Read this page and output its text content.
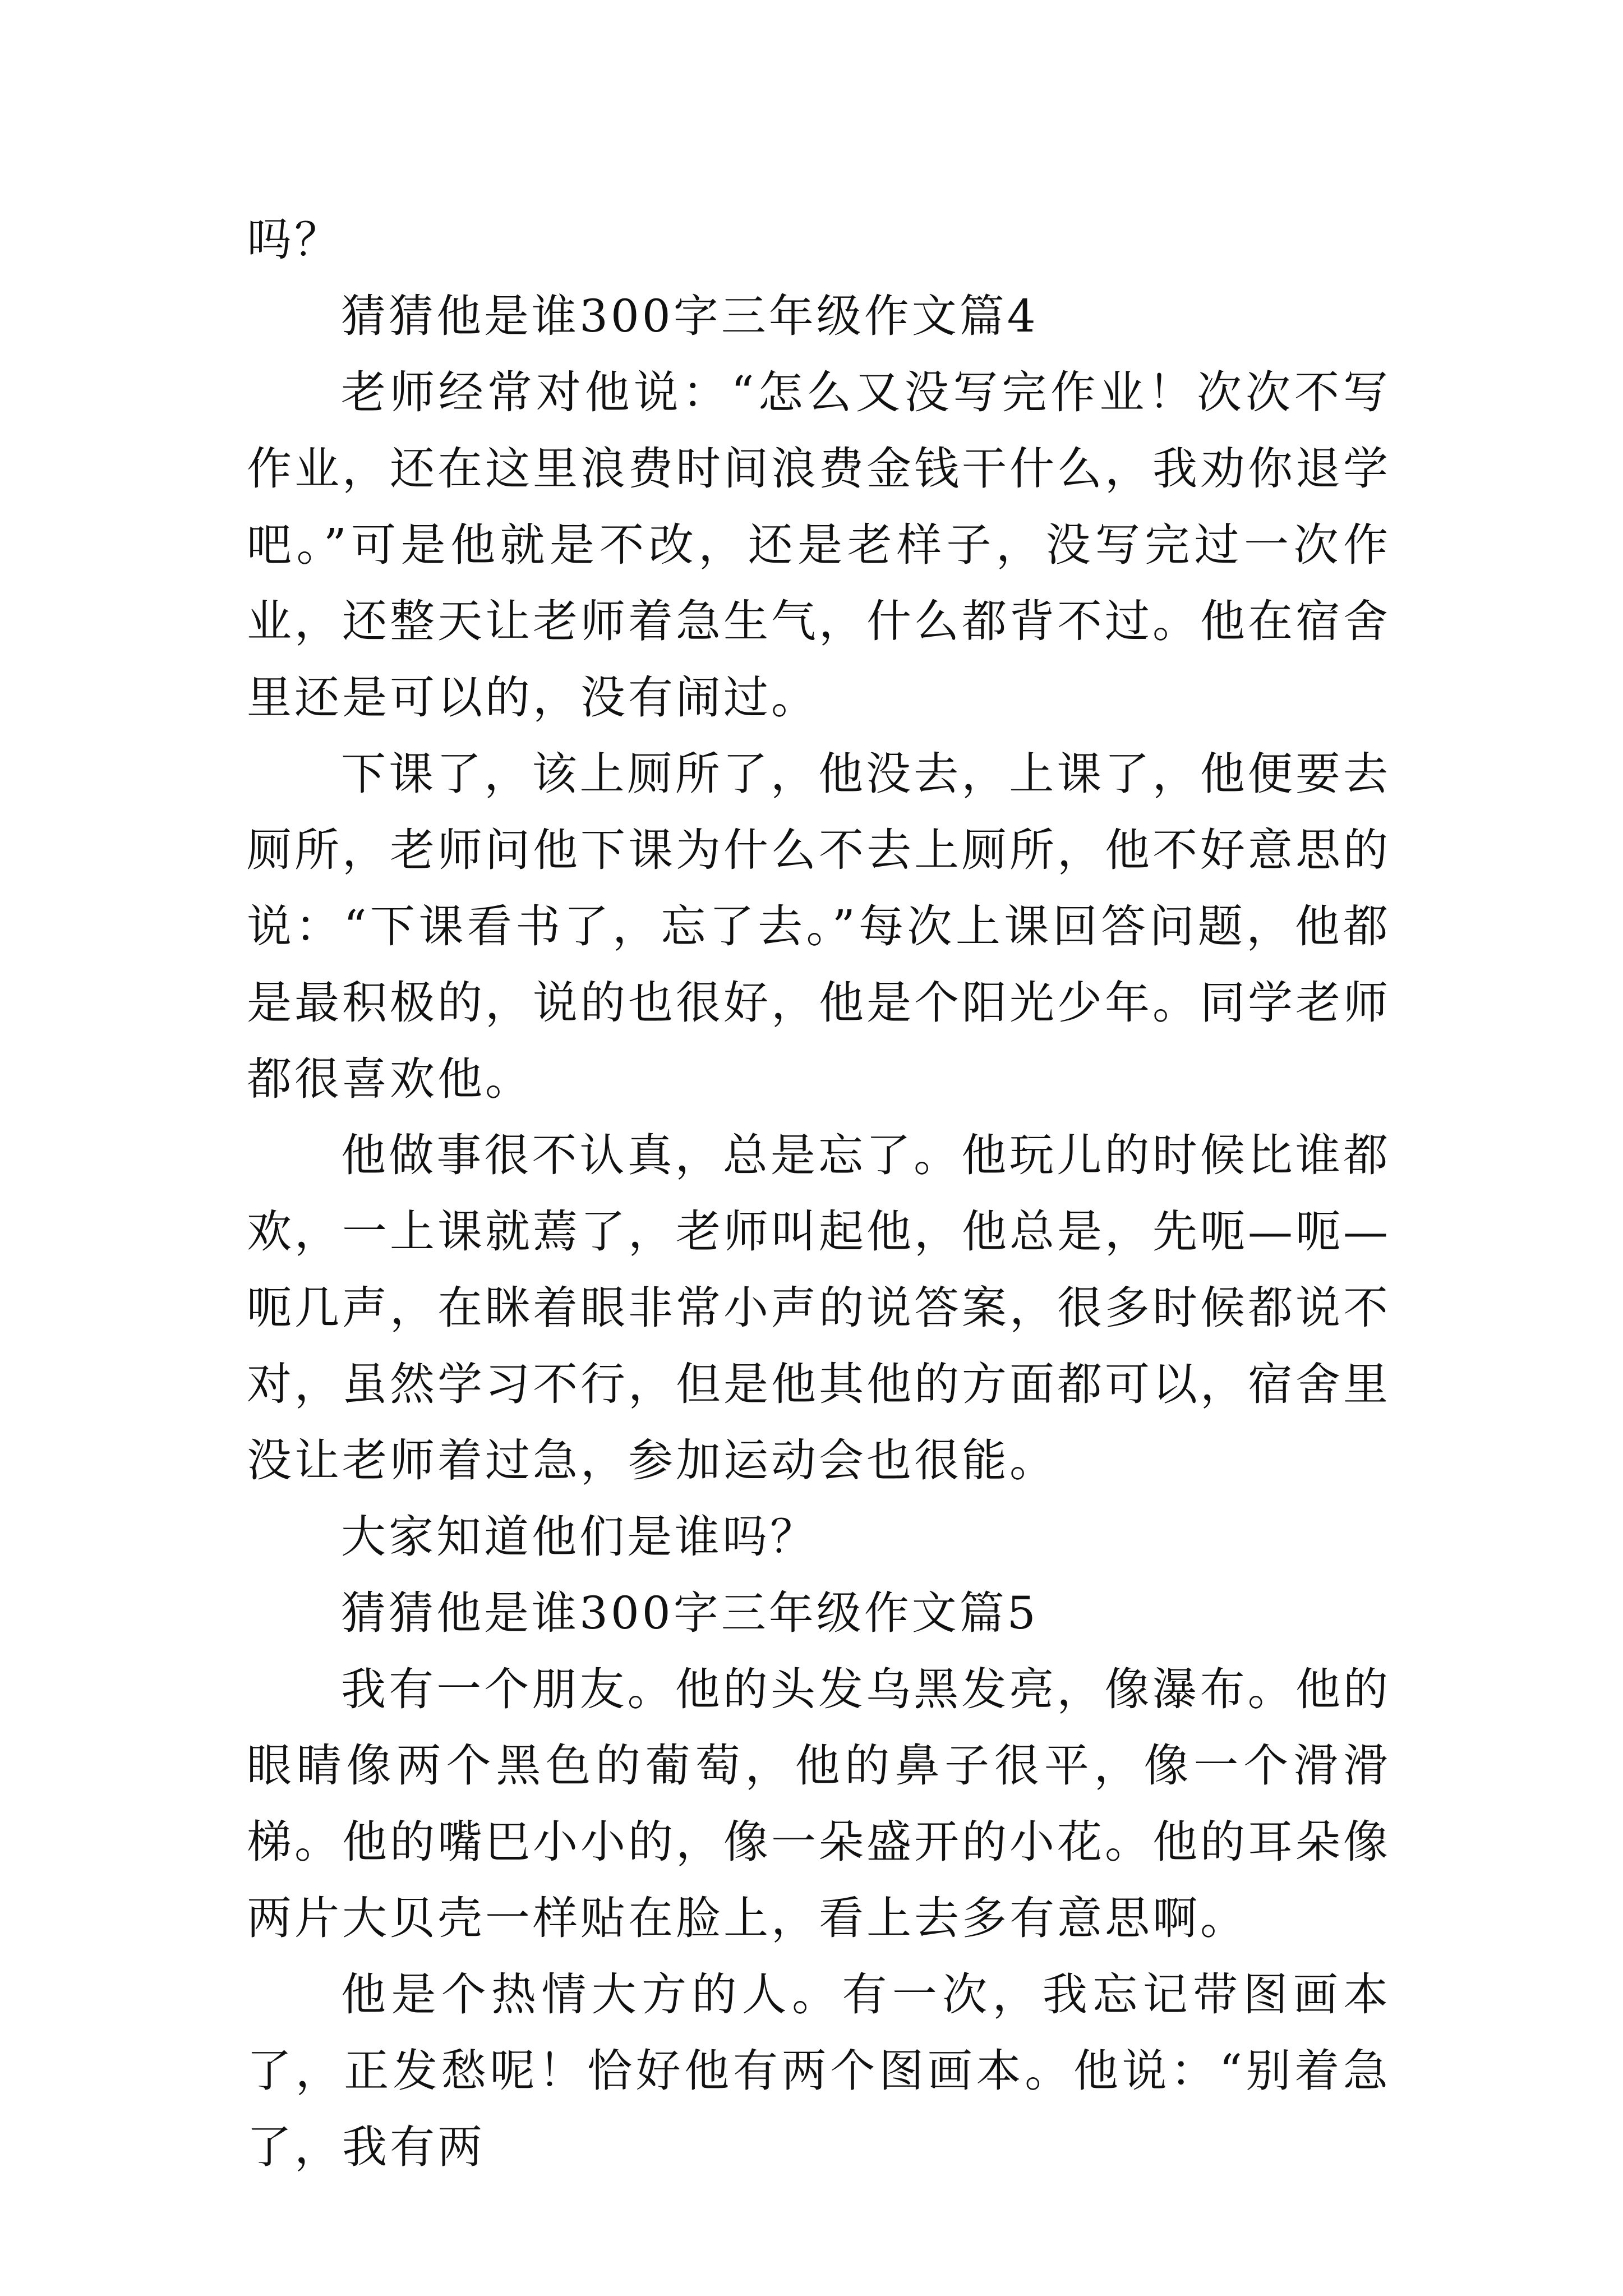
吗？

猜猜他是谁300字三年级作文篇4

老师经常对他说：“怎么又没写完作业！次次不写作业，还在这里浪费时间浪费金钱干什么，我劝你退学吧。”可是他就是不改，还是老样子，没写完过一次作业，还整天让老师着急生气，什么都背不过。他在宿舍里还是可以的，没有闹过。

下课了，该上厕所了，他没去，上课了，他便要去厕所，老师问他下课为什么不去上厕所，他不好意思的说：“下课看书了，忘了去。”每次上课回答问题，他都是最积极的，说的也很好，他是个阳光少年。同学老师都很喜欢他。

他做事很不认真，总是忘了。他玩儿的时候比谁都欢，一上课就蔫了，老师叫起他，他总是，先呃—呃—呃几声，在眯着眼非常小声的说答案，很多时候都说不对，虽然学习不行，但是他其他的方面都可以，宿舍里没让老师着过急，参加运动会也很能。

大家知道他们是谁吗？

猜猜他是谁300字三年级作文篇5

我有一个朋友。他的头发乌黑发亮，像瀑布。他的眼睛像两个黑色的葡萄，他的鼻子很平，像一个滑滑梯。他的嘴巴小小的，像一朵盛开的小花。他的耳朵像两片大贝壳一样贴在脸上，看上去多有意思啊。

他是个热情大方的人。有一次，我忘记带图画本了，正发愁呢！恰好他有两个图画本。他说：“别着急了，我有两
